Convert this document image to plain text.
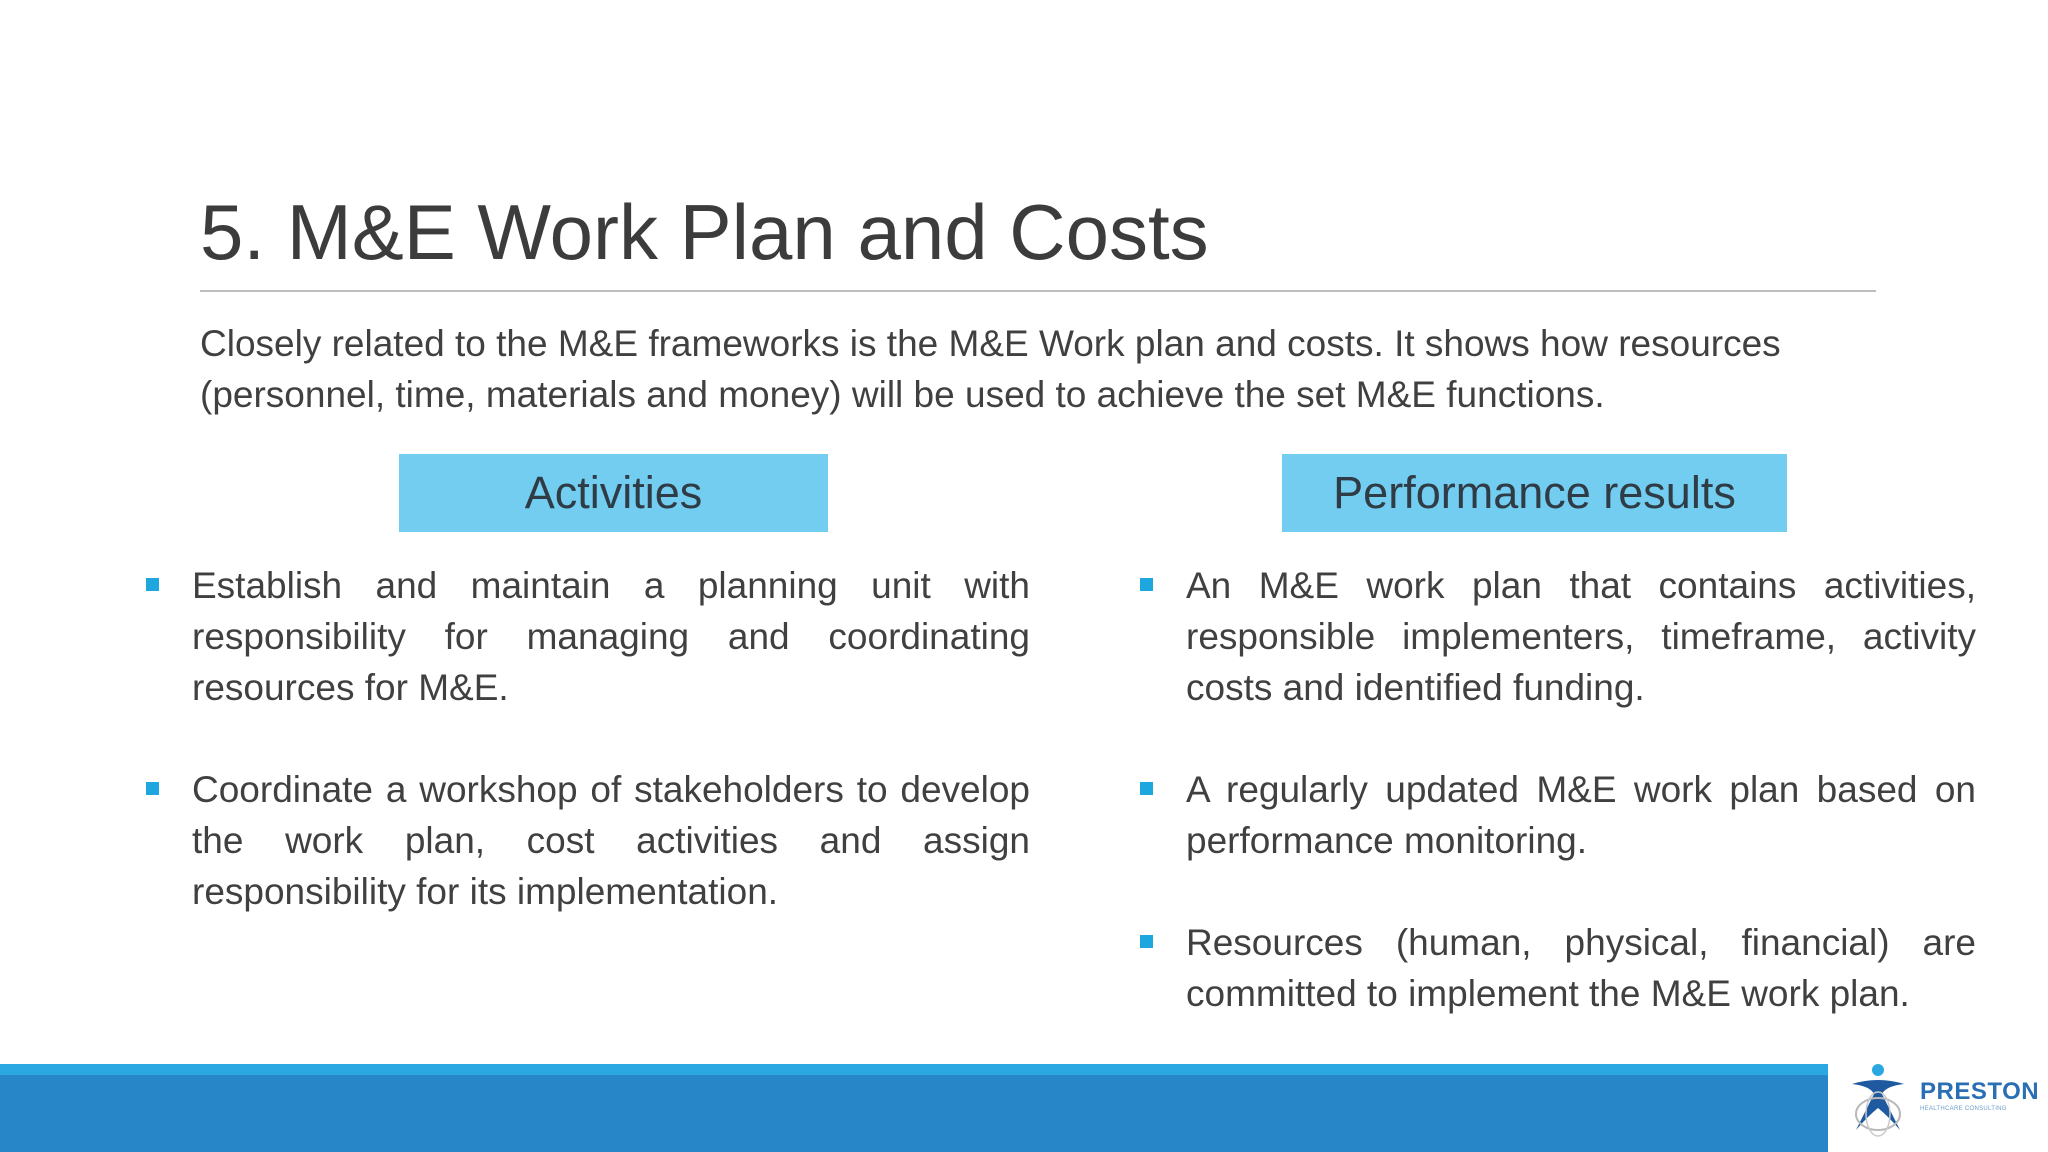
5. M&E Work Plan and Costs
Closely related to the M&E frameworks is the M&E Work plan and costs. It shows how resources (personnel, time, materials and money) will be used to achieve the set M&E functions.
Activities	Performance results
Establish and maintain a planning unit with responsibility for managing and coordinating resources for M&E.
Coordinate a workshop of stakeholders to develop the work plan, cost activities and assign responsibility for its implementation.
An M&E work plan that contains activities, responsible implementers, timeframe, activity costs and identified funding.
A regularly updated M&E work plan based on performance monitoring.
Resources (human, physical, financial) are committed to implement the M&E work plan.
PRESTON
HEALTHCARE CONSULTING
